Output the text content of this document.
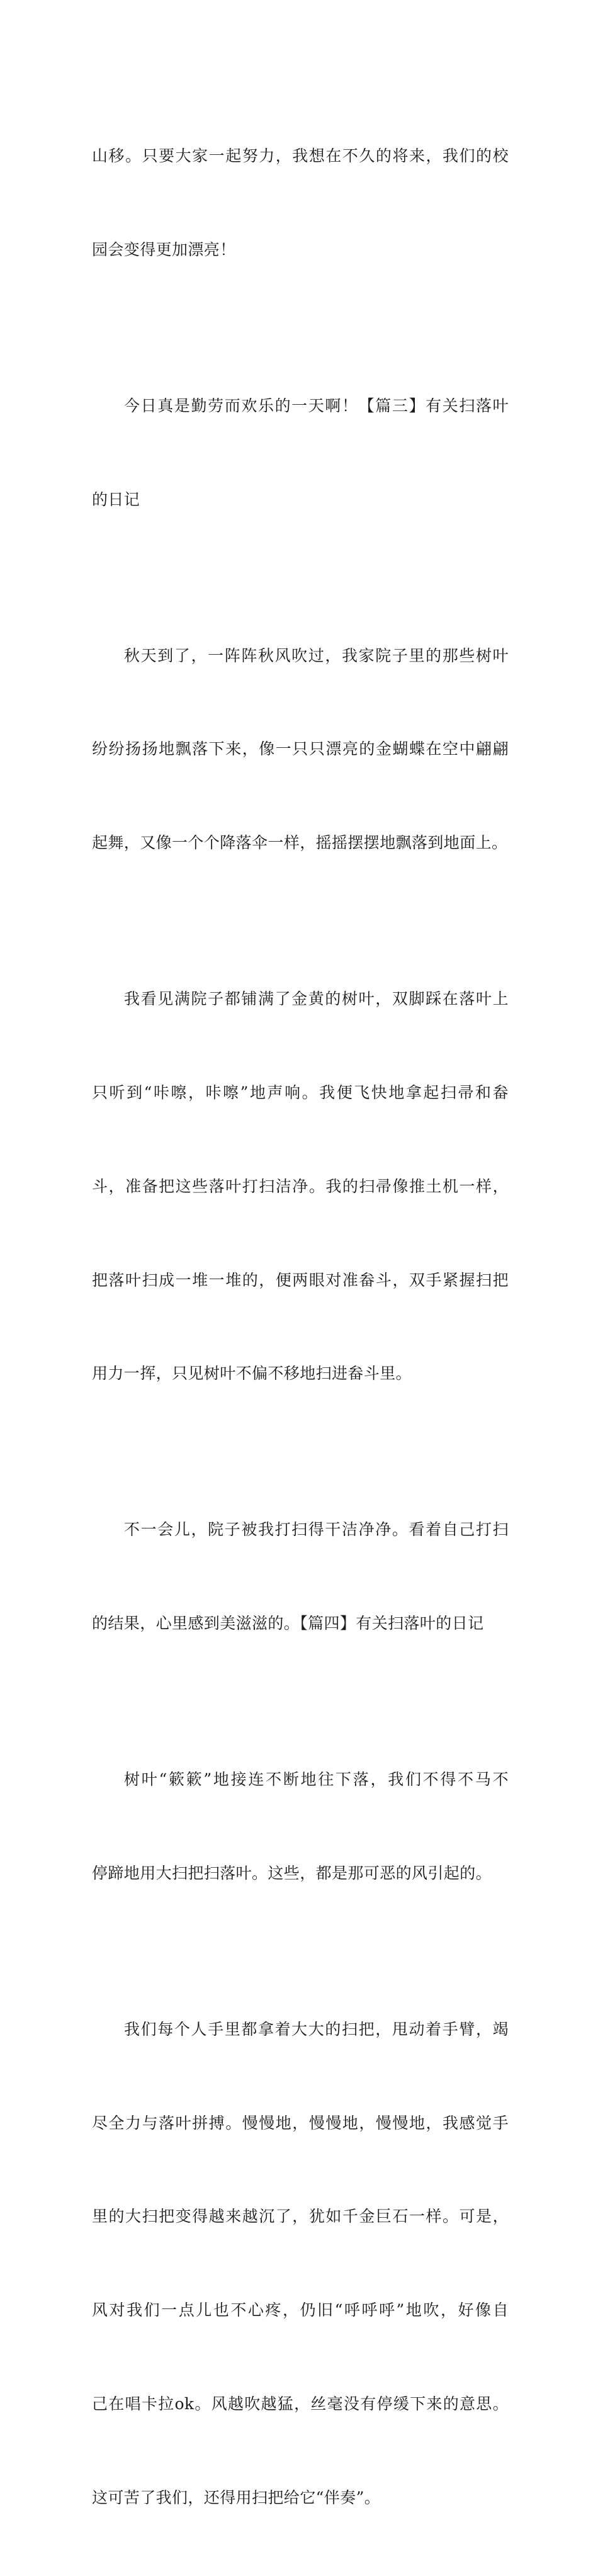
山移。只要大家一起努力，我想在不久的将来，我们的校

园会变得更加漂亮！

今日真是勤劳而欢乐的一天啊！【篇三】有关扫落叶

的日记

秋天到了，一阵阵秋风吹过，我家院子里的那些树叶

纷纷扬扬地飘落下来，像一只只漂亮的金蝴蝶在空中翩翩

起舞，又像一个个降落伞一样，摇摇摆摆地飘落到地面上。

我看见满院子都铺满了金黄的树叶，双脚踩在落叶上

只听到“咔嚓，咔嚓”地声响。我便飞快地拿起扫帚和畚

斗，准备把这些落叶打扫洁净。我的扫帚像推土机一样，

把落叶扫成一堆一堆的，便两眼对准畚斗，双手紧握扫把

用力一挥，只见树叶不偏不移地扫进畚斗里。

不一会儿，院子被我打扫得干洁净净。看着自己打扫

的结果，心里感到美滋滋的。【篇四】有关扫落叶的日记

树叶“簌簌”地接连不断地往下落，我们不得不马不

停蹄地用大扫把扫落叶。这些，都是那可恶的风引起的。

我们每个人手里都拿着大大的扫把，甩动着手臂，竭

尽全力与落叶拼搏。慢慢地，慢慢地，慢慢地，我感觉手

里的大扫把变得越来越沉了，犹如千金巨石一样。可是，

风对我们一点儿也不心疼，仍旧“呼呼呼”地吹，好像自

己在唱卡拉ok。风越吹越猛，丝毫没有停缓下来的意思。

这可苦了我们，还得用扫把给它“伴奏”。
